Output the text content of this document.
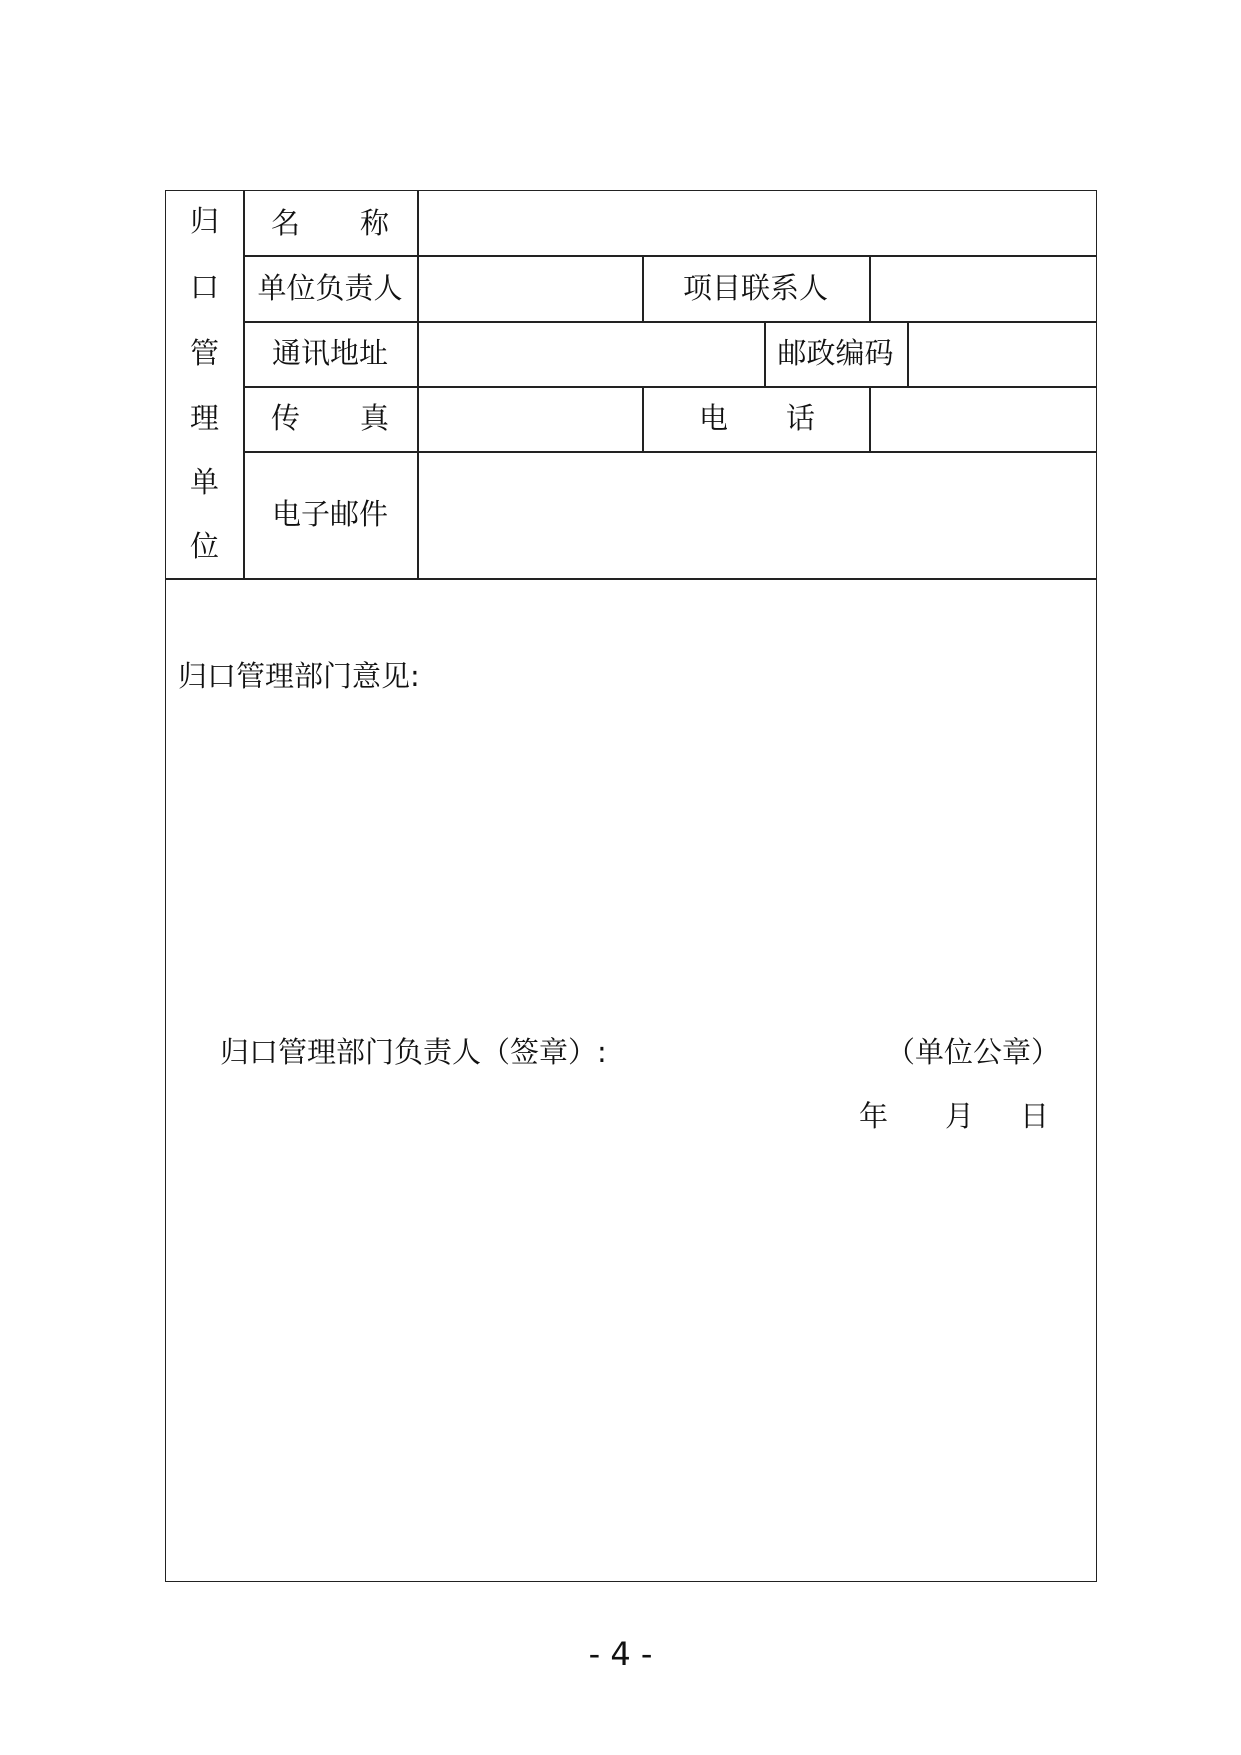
归
口
管
理
单
位
名 称
单位负责人	项目联系人
通讯地址	邮政编码
传 真	电 话
电子邮件
归口管理部门意见:
归口管理部门负责人（签章）:	（单位公章）
年 月 日
- 4 -
